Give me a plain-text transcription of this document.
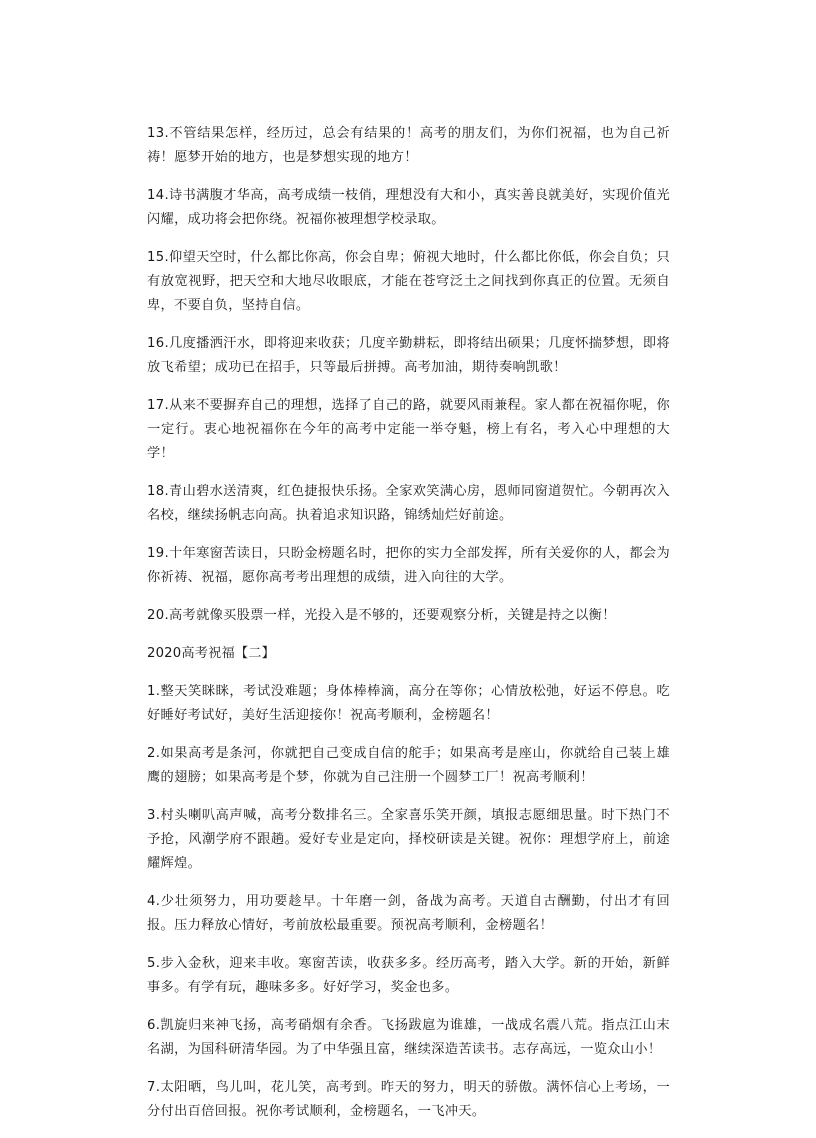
13.不管结果怎样，经历过，总会有结果的！高考的朋友们，为你们祝福，也为自己祈祷！愿梦开始的地方，也是梦想实现的地方！

14.诗书满腹才华高，高考成绩一枝俏，理想没有大和小，真实善良就美好，实现价值光闪耀，成功将会把你绕。祝福你被理想学校录取。

15.仰望天空时，什么都比你高，你会自卑；俯视大地时，什么都比你低，你会自负；只有放宽视野，把天空和大地尽收眼底，才能在苍穹泛土之间找到你真正的位置。无须自卑，不要自负，坚持自信。

16.几度播洒汗水，即将迎来收获；几度辛勤耕耘，即将结出硕果；几度怀揣梦想，即将放飞希望；成功已在招手，只等最后拼搏。高考加油，期待奏响凯歌！

17.从来不要摒弃自己的理想，选择了自己的路，就要风雨兼程。家人都在祝福你呢，你一定行。衷心地祝福你在今年的高考中定能一举夺魁，榜上有名，考入心中理想的大学！

18.青山碧水送清爽，红色捷报快乐扬。全家欢笑满心房，恩师同窗道贺忙。今朝再次入名校，继续扬帆志向高。执着追求知识路，锦绣灿烂好前途。

19.十年寒窗苦读日，只盼金榜题名时，把你的实力全部发挥，所有关爱你的人，都会为你祈祷、祝福，愿你高考考出理想的成绩，进入向往的大学。

20.高考就像买股票一样，光投入是不够的，还要观察分析，关键是持之以衡！

2020高考祝福【二】

1.整天笑眯眯，考试没难题；身体棒棒滴，高分在等你；心情放松弛，好运不停息。吃好睡好考试好，美好生活迎接你！祝高考顺利，金榜题名！

2.如果高考是条河，你就把自己变成自信的舵手；如果高考是座山，你就给自己装上雄鹰的翅膀；如果高考是个梦，你就为自己注册一个圆梦工厂！祝高考顺利！

3.村头喇叭高声喊，高考分数排名三。全家喜乐笑开颜，填报志愿细思量。时下热门不予抢，风潮学府不跟趟。爱好专业是定向，择校研读是关键。祝你：理想学府上，前途耀辉煌。

4.少壮须努力，用功要趁早。十年磨一剑，备战为高考。天道自古酬勤，付出才有回报。压力释放心情好，考前放松最重要。预祝高考顺利，金榜题名！

5.步入金秋，迎来丰收。寒窗苦读，收获多多。经历高考，踏入大学。新的开始，新鲜事多。有学有玩，趣味多多。好好学习，奖金也多。

6.凯旋归来神飞扬，高考硝烟有余香。飞扬跋扈为谁雄，一战成名震八荒。指点江山末名湖，为国科研清华园。为了中华强且富，继续深造苦读书。志存高远，一览众山小！

7.太阳晒，鸟儿叫，花儿笑，高考到。昨天的努力，明天的骄傲。满怀信心上考场，一分付出百倍回报。祝你考试顺利，金榜题名，一飞冲天。
